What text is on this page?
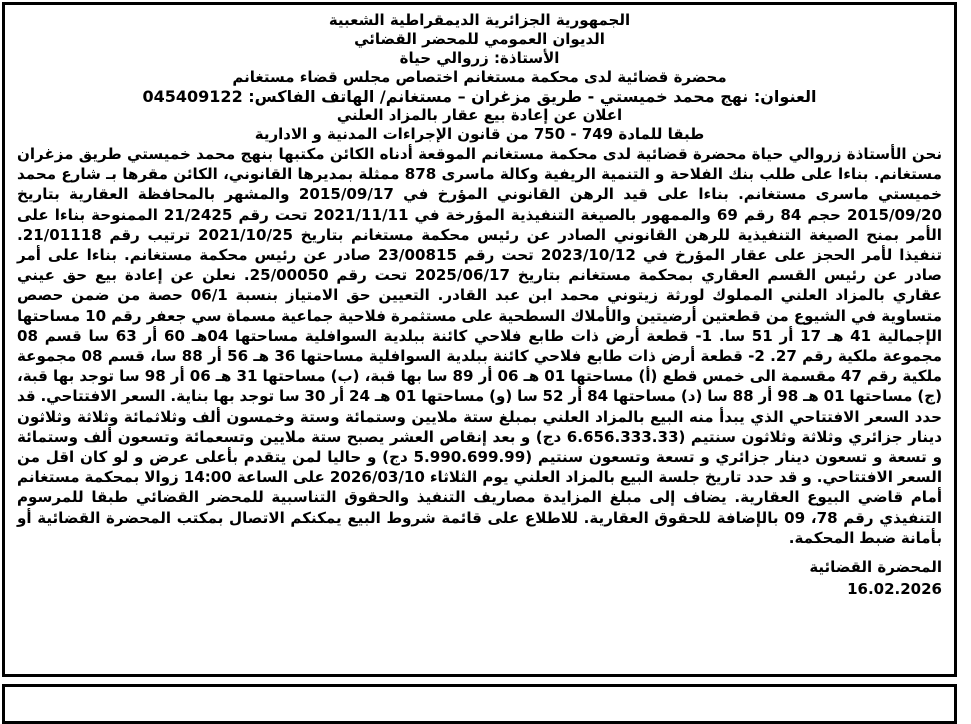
الجمهورية الجزائرية الديمقراطية الشعبية

الديوان العمومي للمحضر القضائي

الأستاذة: زروالي حياة

محضرة قضائية لدى محكمة مستغانم اختصاص مجلس قضاء مستغانم

العنوان: نهج محمد خميستي - طريق مزغران – مستغانم/ الهاتف الفاكس: 045409122

اعلان عن إعادة بيع عقار بالمزاد العلني

طبقا للمادة 749 - 750 من قانون الإجراءات المدنية و الادارية

نحن الأستاذة زروالي حياة محضرة قضائية لدى محكمة مستغانم الموقعة أدناه الكائن مكتبها بنهج محمد خميستي طريق مزغران مستغانم. بناءا على طلب بنك الفلاحة و التنمية الريفية وكالة ماسرى 878 ممثلة بمديرها القانوني، الكائن مقرها بـ شارع محمد خميستي ماسرى مستغانم. بناءا على قيد الرهن القانوني المؤرخ في 2015/09/17 والمشهر بالمحافظة العقارية بتاريخ 2015/09/20 حجم 84 رقم 69 والممهور بالصيغة التنفيذية المؤرخة في 2021/11/11 تحت رقم 21/2425 الممنوحة بناءا على الأمر بمنح الصيغة التنفيذية للرهن القانوني الصادر عن رئيس محكمة مستغانم بتاريخ 2021/10/25 ترتيب رقم 21/01118. تنفيذا لأمر الحجز على عقار المؤرخ في 2023/10/12 تحت رقم 23/00815 صادر عن رئيس محكمة مستغانم. بناءا على أمر صادر عن رئيس القسم العقاري بمحكمة مستغانم بتاريخ 2025/06/17 تحت رقم 25/00050. نعلن عن إعادة بيع حق عيني عقاري بالمزاد العلني المملوك لورثة زيتوني محمد ابن عبد القادر. التعيين حق الامتياز بنسبة 06/1 حصة من ضمن حصص متساوية في الشيوع من قطعتين أرضيتين والأملاك السطحية على مستثمرة فلاحية جماعية مسماة سي جعفر رقم 10 مساحتها الإجمالية 41 هـ 17 أر 51 سا. 1- قطعة أرض ذات طابع فلاحي كائنة ببلدية السوافلية مساحتها 04هـ 60 أر 63 سا قسم 08 مجموعة ملكية رقم 27. 2- قطعة أرض ذات طابع فلاحي كائنة ببلدية السوافلية مساحتها 36 هـ 56 أر 88 سا، قسم 08 مجموعة ملكية رقم 47 مقسمة الى خمس قطع (أ) مساحتها 01 هـ 06 أر 89 سا بها قبة، (ب) مساحتها 31 هـ 06 أر 98 سا توجد بها قبة، (ج) مساحتها 01 هـ 98 أر 88 سا (د) مساحتها 84 أر 52 سا (و) مساحتها 01 هـ 24 أر 30 سا توجد بها بناية. السعر الافتتاحي. قد حدد السعر الافتتاحي الذي يبدأ منه البيع بالمزاد العلني بمبلغ ستة ملايين وستمائة وستة وخمسون ألف وثلاثمائة وثلاثة وثلاثون دينار جزائري وثلاثة وثلاثون سنتيم (6.656.333.33 دج) و بعد إنقاص العشر يصبح ستة ملايين وتسعمائة وتسعون ألف وستمائة و تسعة و تسعون دينار جزائري و تسعة وتسعون سنتيم (5.990.699.99 دج) و حاليا لمن يتقدم بأعلى عرض و لو كان اقل من السعر الافتتاحي. و قد حدد تاريخ جلسة البيع بالمزاد العلني يوم الثلاثاء 2026/03/10 على الساعة 14:00 زوالا بمحكمة مستغانم أمام قاضي البيوع العقارية. يضاف إلى مبلغ المزايدة مصاريف التنفيذ والحقوق التناسبية للمحضر القضائي طبقا للمرسوم التنفيذي رقم 78، 09 بالإضافة للحقوق العقارية. للاطلاع على قائمة شروط البيع يمكنكم الاتصال بمكتب المحضرة القضائية أو بأمانة ضبط المحكمة.

المحضرة القضائية
16.02.2026
